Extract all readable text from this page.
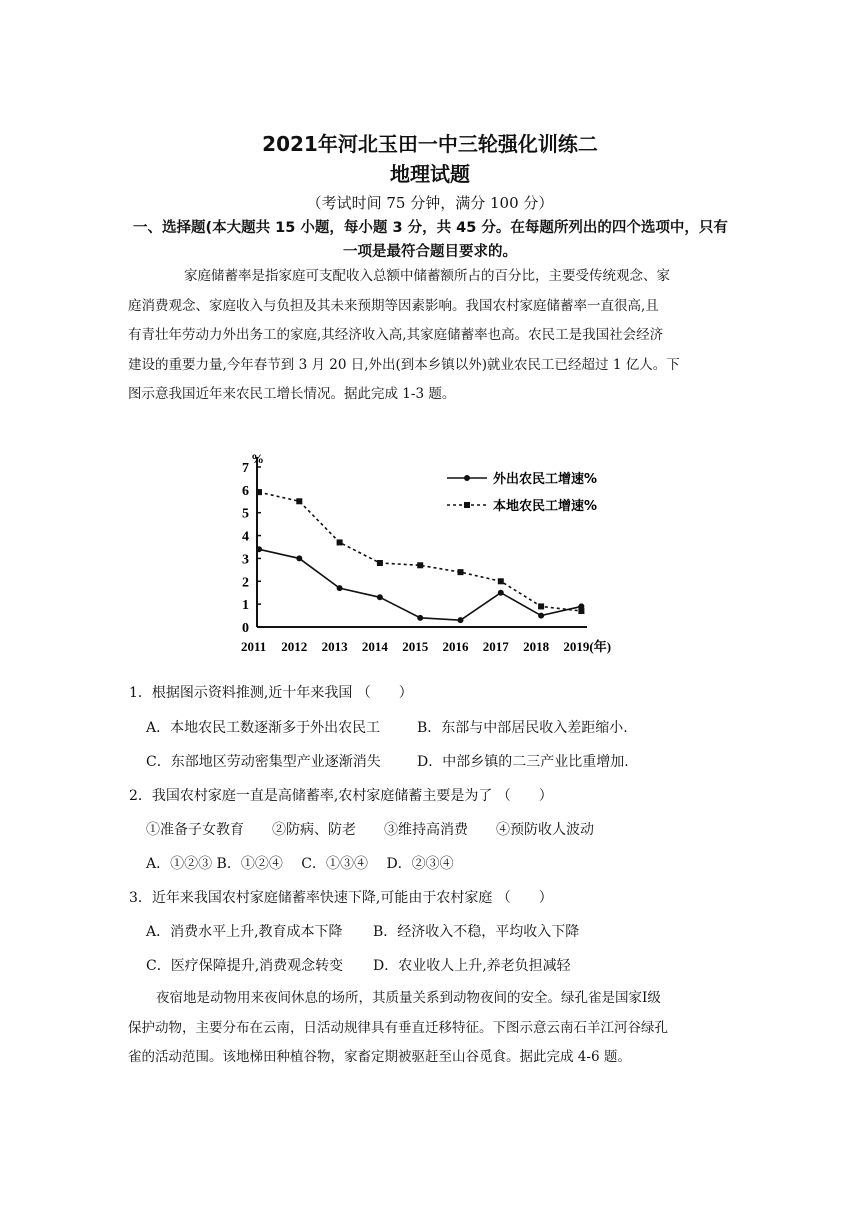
2021年河北玉田一中三轮强化训练二
地理试题
（考试时间 75 分钟，满分 100 分）
一、选择题(本大题共 15 小题，每小题 3 分，共 45 分。在每题所列出的四个选项中，只有
一项是最符合题目要求的。

家庭储蓄率是指家庭可支配收入总额中储蓄额所占的百分比，主要受传统观念、家

庭消费观念、家庭收入与负担及其未来预期等因素影响。我国农村家庭储蓄率一直很高,且

有青壮年劳动力外出务工的家庭,其经济收入高,其家庭储蓄率也高。农民工是我国社会经济

建设的重要力量,今年春节到 3 月 20 日,外出(到本乡镇以外)就业农民工已经超过 1 亿人。下

图示意我国近年来农民工增长情况。据此完成 1-3 题。

%
0
1
2
3
4
5
6
7
2011 2012 2013 2014 2015 2016 2017 2018 2019(年)
外出农民工增速%
本地农民工增速%
1．根据图示资料推测,近十年来我国 （　　）
A．本地农民工数逐渐多于外出农民工	B．东部与中部居民收入差距缩小.
C．东部地区劳动密集型产业逐渐消失	D．中部乡镇的二三产业比重增加.
2．我国农村家庭一直是高储蓄率,农村家庭储蓄主要是为了 （　　）
①准备子女教育　　②防病、防老　　③维持高消费　　④预防收人波动
A．①②③ B．①②④　 C．①③④　 D．②③④
3．近年来我国农村家庭储蓄率快速下降,可能由于农村家庭 （　　）
A．消费水平上升,教育成本下降 B．经济收入不稳，平均收入下降
C．医疗保障提升,消费观念转变 D．农业收人上升,养老负担减轻

夜宿地是动物用来夜间休息的场所，其质量关系到动物夜间的安全。绿孔雀是国家Ⅰ级

保护动物，主要分布在云南，日活动规律具有垂直迁移特征。下图示意云南石羊江河谷绿孔

雀的活动范围。该地梯田种植谷物，家畜定期被驱赶至山谷觅食。据此完成 4-6 题。
